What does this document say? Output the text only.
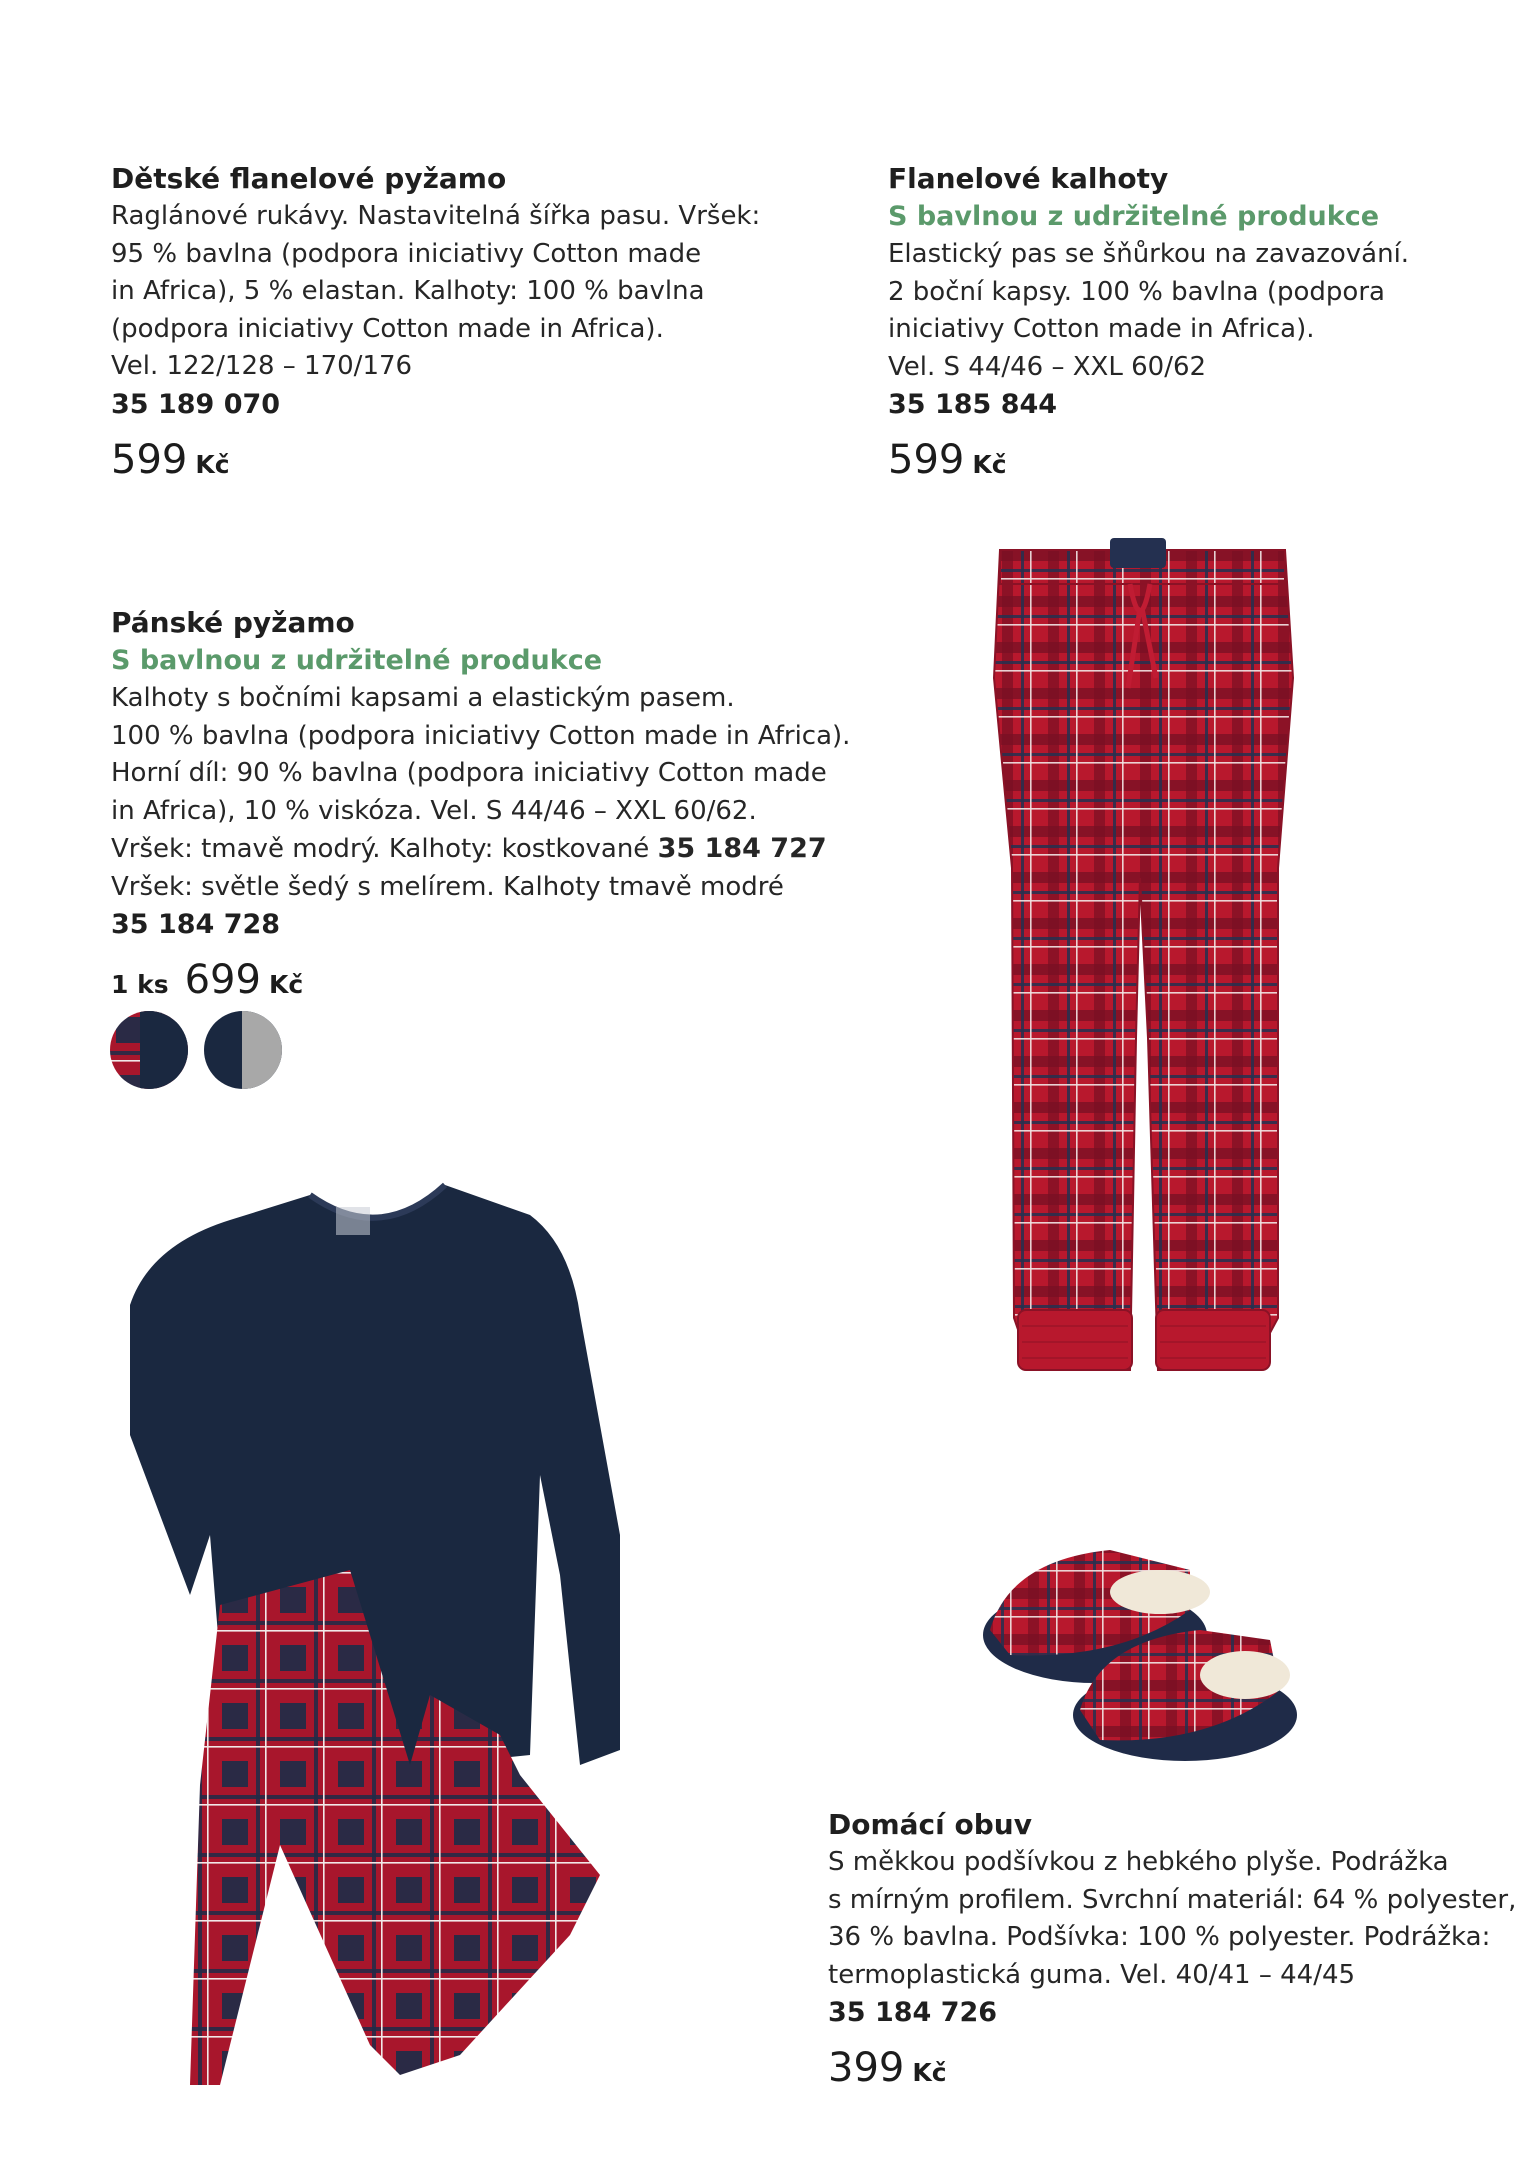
Dětské flanelové pyžamo
Raglánové rukávy. Nastavitelná šířka pasu. Vršek:
95 % bavlna (podpora iniciativy Cotton made
in Africa), 5 % elastan. Kalhoty: 100 % bavlna
(podpora iniciativy Cotton made in Africa).
Vel. 122/128 – 170/176
35 189 070
599 Kč
Flanelové kalhoty
S bavlnou z udržitelné produkce
Elastický pas se šňůrkou na zavazování.
2 boční kapsy. 100 % bavlna (podpora
iniciativy Cotton made in Africa).
Vel. S 44/46 – XXL 60/62
35 185 844
599 Kč
Pánské pyžamo
S bavlnou z udržitelné produkce
Kalhoty s bočními kapsami a elastickým pasem.
100 % bavlna (podpora iniciativy Cotton made in Africa).
Horní díl: 90 % bavlna (podpora iniciativy Cotton made
in Africa), 10 % viskóza. Vel. S 44/46 – XXL 60/62.
Vršek: tmavě modrý. Kalhoty: kostkované 35 184 727
Vršek: světle šedý s melírem. Kalhoty tmavě modré
35 184 728
1 ks 699 Kč
Domácí obuv
S měkkou podšívkou z hebkého plyše. Podrážka
s mírným profilem. Svrchní materiál: 64 % polyester,
36 % bavlna. Podšívka: 100 % polyester. Podrážka:
termoplastická guma. Vel. 40/41 – 44/45
35 184 726
399 Kč
